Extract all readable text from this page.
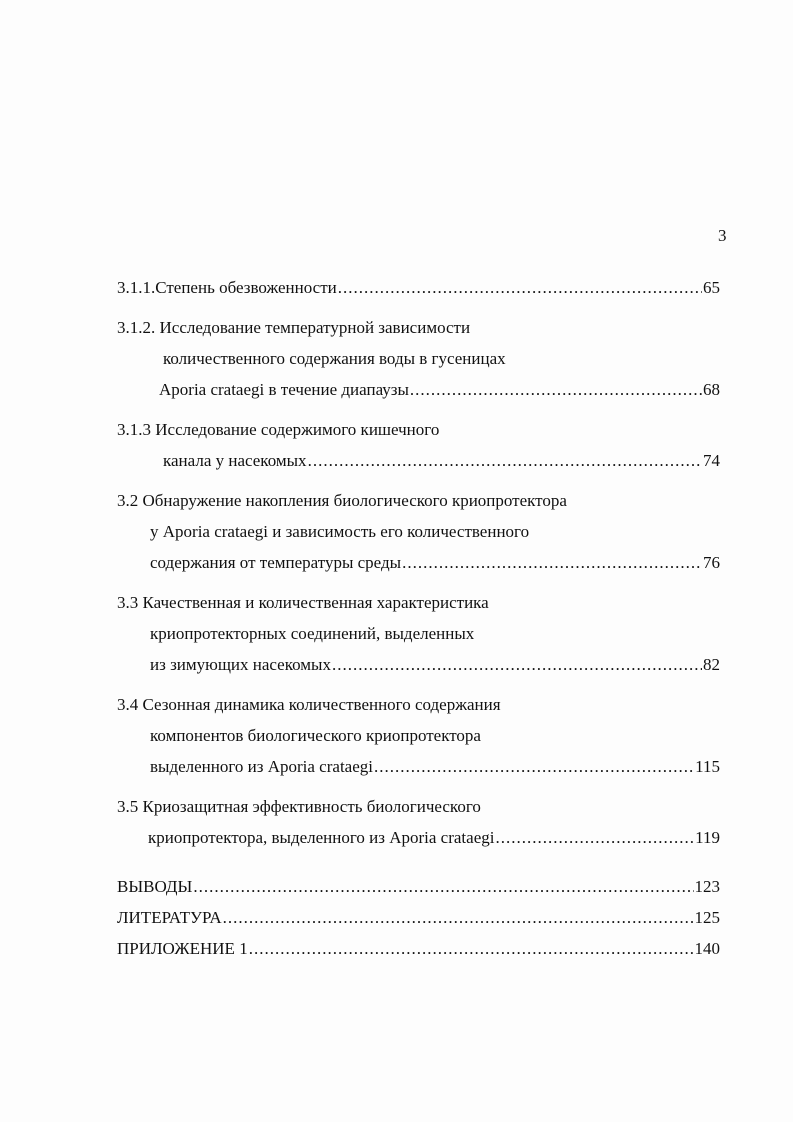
3
3.1.1.Степень обезвоженности .....	65
3.1.2. Исследование температурной зависимости
количественного содержания воды в гусеницах
Aporia crataegi в течение диапаузы .....	68
3.1.3 Исследование содержимого кишечного
канала у насекомых .....	74
3.2 Обнаружение накопления биологического криопротектора
у Aporia crataegi и зависимость его количественного
содержания от температуры среды .....	76
3.3 Качественная и количественная характеристика
криопротекторных соединений, выделенных
из зимующих насекомых .....	82
3.4 Сезонная динамика количественного содержания
компонентов биологического криопротектора
выделенного из Aporia crataegi .....	115
3.5 Криозащитная эффективность биологического
криопротектора, выделенного из Aporia crataegi .....	119
ВЫВОДЫ .....	123
ЛИТЕРАТУРА .....	125
ПРИЛОЖЕНИЕ 1 .....	140
